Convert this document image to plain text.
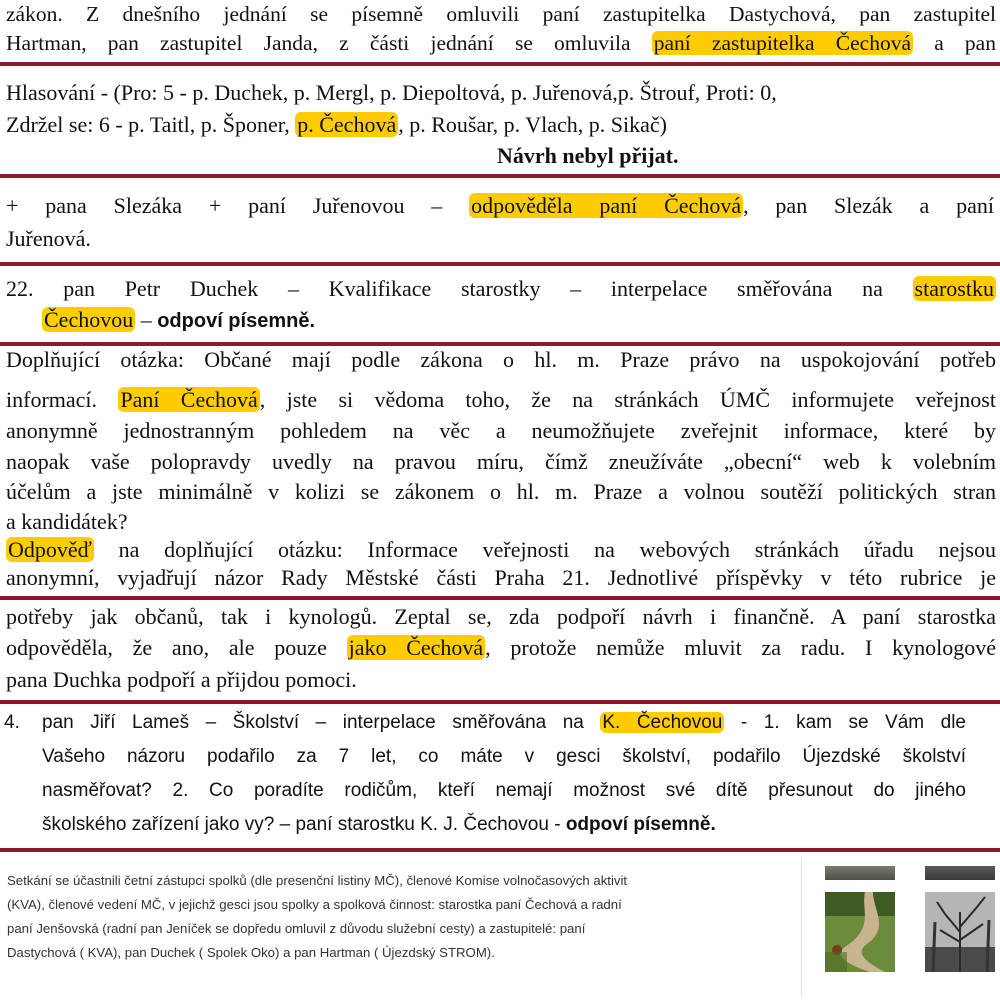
zákon. Z dnešního jednání se písemně omluvili paní zastupitelka Dastychová, pan zastupitel
Hartman, pan zastupitel Janda, z části jednání se omluvila paní zastupitelka Čechová a pan
Hlasování - (Pro: 5 - p. Duchek, p. Mergl, p. Diepoltová, p. Juřenová,p. Štrouf, Proti: 0,
Zdržel se: 6 - p. Taitl, p. Šponer, p. Čechová, p. Roušar, p. Vlach, p. Sikač)
Návrh nebyl přijat.
+ pana Slezáka + paní Juřenovou – odpověděla paní Čechová, pan Slezák a paní
Juřenová.
22. pan Petr Duchek – Kvalifikace starostky – interpelace směřována na starostku
Čechovou – odpoví písemně.
Doplňující otázka: Občané mají podle zákona o hl. m. Praze právo na uspokojování potřeb
informací. Paní Čechová, jste si vědoma toho, že na stránkách ÚMČ informujete veřejnost
anonymně jednostranným pohledem na věc a neumožňujete zveřejnit informace, které by
naopak vaše polopravdy uvedly na pravou míru, čímž zneužíváte „obecní“ web k volebním
účelům a jste minimálně v kolizi se zákonem o hl. m. Praze a volnou soutěží politických stran
a kandidátek?
Odpověď na doplňující otázku: Informace veřejnosti na webových stránkách úřadu nejsou
anonymní, vyjadřují názor Rady Městské části Praha 21. Jednotlivé příspěvky v této rubrice je
potřeby jak občanů, tak i kynologů. Zeptal se, zda podpoří návrh i finančně. A paní starostka
odpověděla, že ano, ale pouze jako Čechová, protože nemůže mluvit za radu. I kynologové
pana Duchka podpoří a přijdou pomoci.
4. pan Jiří Lameš – Školství – interpelace směřována na K. Čechovou - 1. kam se Vám dle
Vašeho názoru podařilo za 7 let, co máte v gesci školství, podařilo Újezdské školství
nasměřovat? 2. Co poradíte rodičům, kteří nemají možnost své dítě přesunout do jiného
školského zařízení jako vy? – paní starostku K. J. Čechovou - odpoví písemně.
Setkání se účastnili četní zástupci spolků (dle presenční listiny MČ), členové Komise volnočasových aktivit
(KVA), členové vedení MČ, v jejichž gesci jsou spolky a spolková činnost: starostka paní Čechová a radní
paní Jenšovská (radní pan Jeníček se dopředu omluvil z důvodu služební cesty) a zastupitelé: paní
Dastychová ( KVA), pan Duchek ( Spolek Oko) a pan Hartman ( Újezdský STROM).
